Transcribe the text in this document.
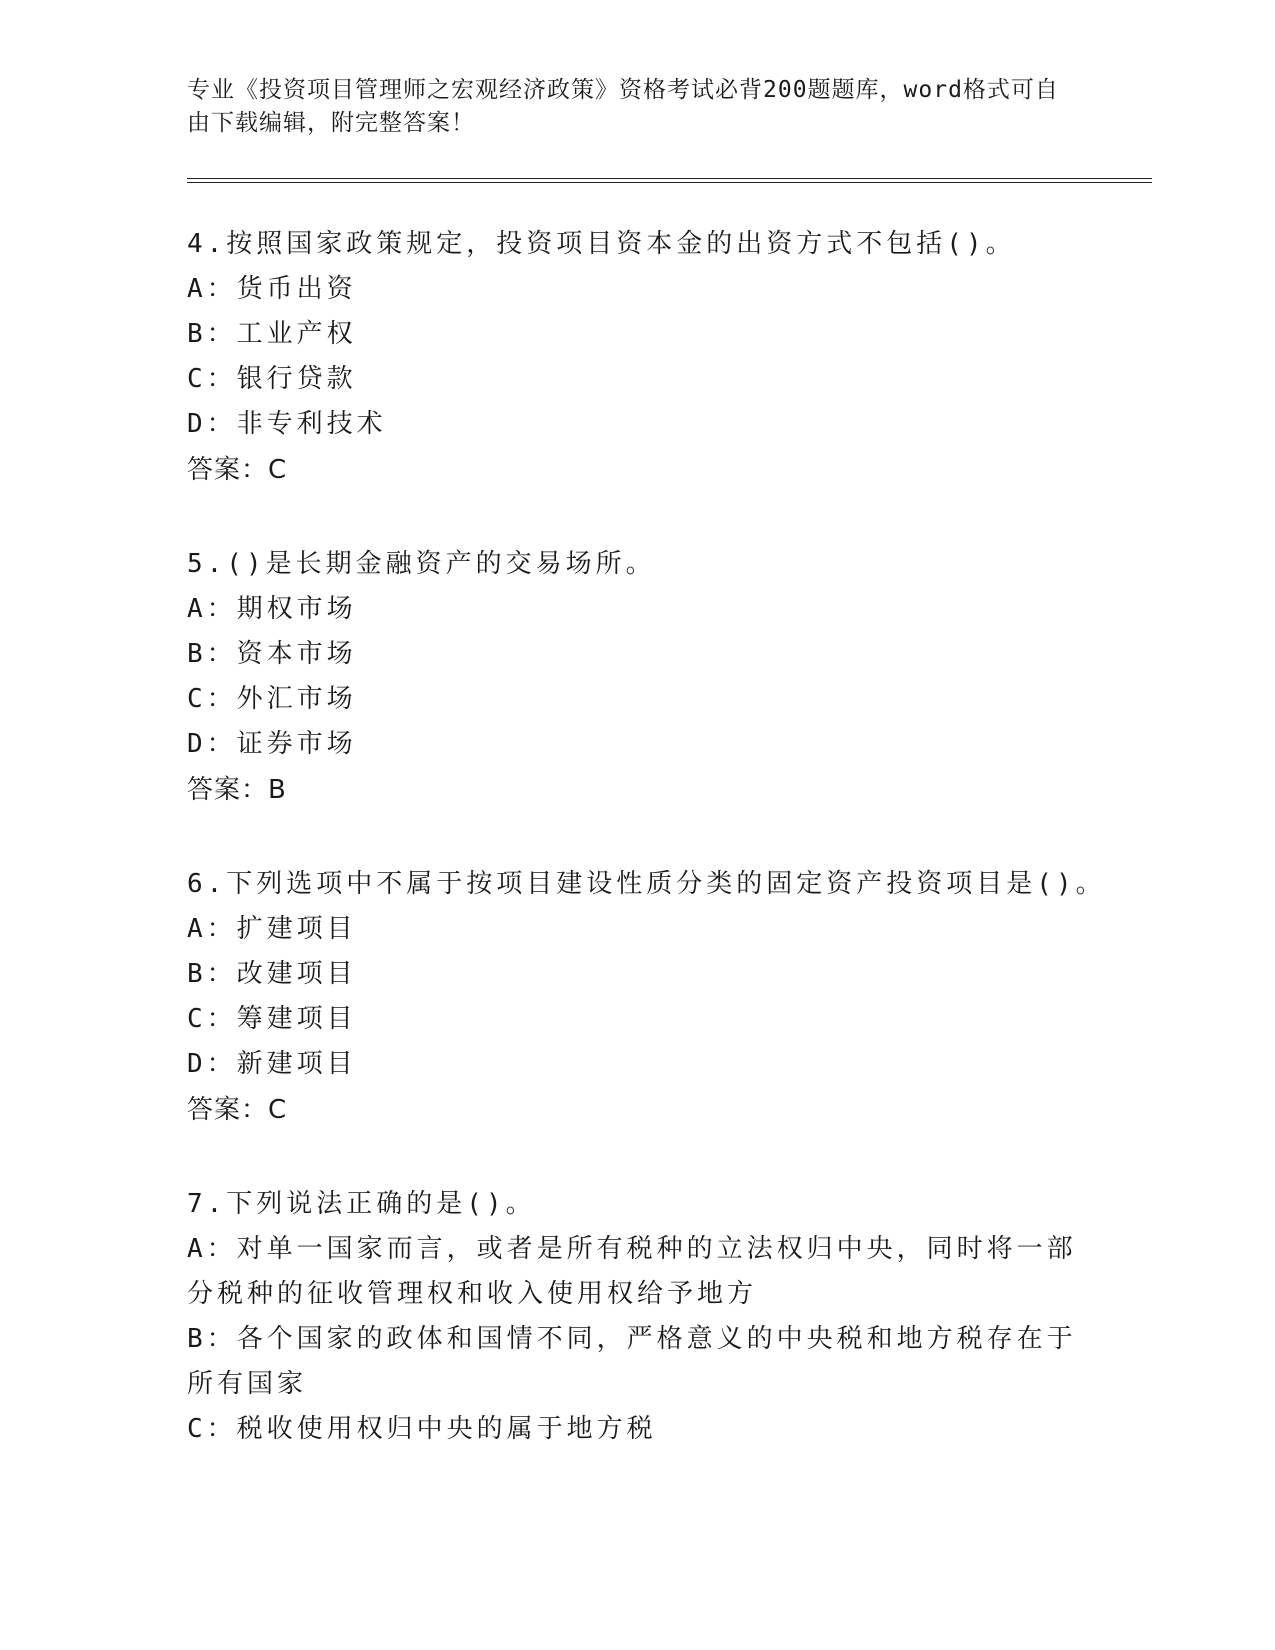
专业《投资项目管理师之宏观经济政策》资格考试必背200题题库，word格式可自由下载编辑，附完整答案！
4.按照国家政策规定，投资项目资本金的出资方式不包括()。
A：货币出资
B：工业产权
C：银行贷款
D：非专利技术
答案：C
5.()是长期金融资产的交易场所。
A：期权市场
B：资本市场
C：外汇市场
D：证券市场
答案：B
6.下列选项中不属于按项目建设性质分类的固定资产投资项目是()。
A：扩建项目
B：改建项目
C：筹建项目
D：新建项目
答案：C
7.下列说法正确的是()。
A：对单一国家而言，或者是所有税种的立法权归中央，同时将一部分税种的征收管理权和收入使用权给予地方
B：各个国家的政体和国情不同，严格意义的中央税和地方税存在于所有国家
C：税收使用权归中央的属于地方税
